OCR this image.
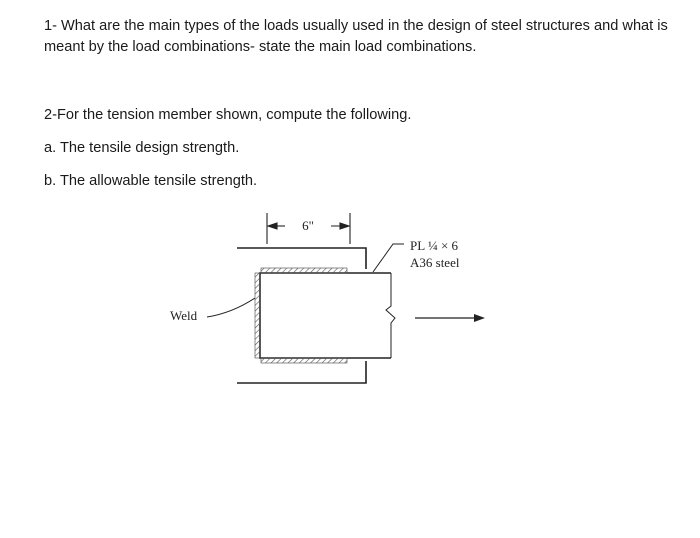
1- What are the main types of the loads usually used in the design of steel structures and what is meant by the load combinations- state the main load combinations.

2-For the tension member shown, compute the following.

a. The tensile design strength.

b. The allowable tensile strength.

6"
PL ¼ × 6
A36 steel
Weld
